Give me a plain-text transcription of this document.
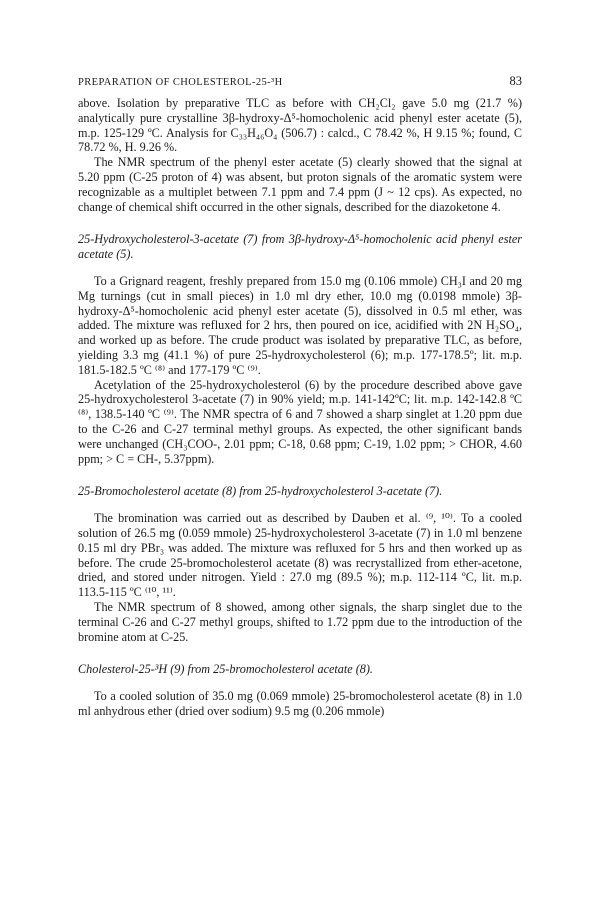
PREPARATION OF CHOLESTEROL-25-³H	83

above. Isolation by preparative TLC as before with CH₂Cl₂ gave 5.0 mg (21.7 %) analytically pure crystalline 3β-hydroxy-Δ⁵-homocholenic acid phenyl ester acetate (5), m.p. 125-129 ºC. Analysis for C₃₃H₄₆O₄ (506.7) : calcd., C 78.42 %, H 9.15 %; found, C 78.72 %, H. 9.26 %.

The NMR spectrum of the phenyl ester acetate (5) clearly showed that the signal at 5.20 ppm (C-25 proton of 4) was absent, but proton signals of the aromatic system were recognizable as a multiplet between 7.1 ppm and 7.4 ppm (J ~ 12 cps). As expected, no change of chemical shift occurred in the other signals, described for the diazoketone 4.

25-Hydroxycholesterol-3-acetate (7) from 3β-hydroxy-Δ⁵-homocholenic acid phenyl ester acetate (5).

To a Grignard reagent, freshly prepared from 15.0 mg (0.106 mmole) CH₃I and 20 mg Mg turnings (cut in small pieces) in 1.0 ml dry ether, 10.0 mg (0.0198 mmole) 3β-hydroxy-Δ⁵-homocholenic acid phenyl ester acetate (5), dissolved in 0.5 ml ether, was added. The mixture was refluxed for 2 hrs, then poured on ice, acidified with 2N H₂SO₄, and worked up as before. The crude product was isolated by preparative TLC, as before, yielding 3.3 mg (41.1 %) of pure 25-hydroxycholesterol (6); m.p. 177-178.5º; lit. m.p. 181.5-182.5 ºC ⁽⁸⁾ and 177-179 ºC ⁽⁹⁾.

Acetylation of the 25-hydroxycholesterol (6) by the procedure described above gave 25-hydroxycholesterol 3-acetate (7) in 90% yield; m.p. 141-142ºC; lit. m.p. 142-142.8 ºC ⁽⁸⁾, 138.5-140 ºC ⁽⁹⁾. The NMR spectra of 6 and 7 showed a sharp singlet at 1.20 ppm due to the C-26 and C-27 terminal methyl groups. As expected, the other significant bands were unchanged (CH₃COO-, 2.01 ppm; C-18, 0.68 ppm; C-19, 1.02 ppm; > CHOR, 4.60 ppm; > C = CH-, 5.37ppm).

25-Bromocholesterol acetate (8) from 25-hydroxycholesterol 3-acetate (7).

The bromination was carried out as described by Dauben et al. ⁽⁹, ¹⁰⁾. To a cooled solution of 26.5 mg (0.059 mmole) 25-hydroxycholesterol 3-acetate (7) in 1.0 ml benzene 0.15 ml dry PBr₃ was added. The mixture was refluxed for 5 hrs and then worked up as before. The crude 25-bromocholesterol acetate (8) was recrystallized from ether-acetone, dried, and stored under nitrogen. Yield : 27.0 mg (89.5 %); m.p. 112-114 ºC, lit. m.p. 113.5-115 ºC ⁽¹⁰, ¹¹⁾.

The NMR spectrum of 8 showed, among other signals, the sharp singlet due to the terminal C-26 and C-27 methyl groups, shifted to 1.72 ppm due to the introduction of the bromine atom at C-25.

Cholesterol-25-³H (9) from 25-bromocholesterol acetate (8).

To a cooled solution of 35.0 mg (0.069 mmole) 25-bromocholesterol acetate (8) in 1.0 ml anhydrous ether (dried over sodium) 9.5 mg (0.206 mmole)
